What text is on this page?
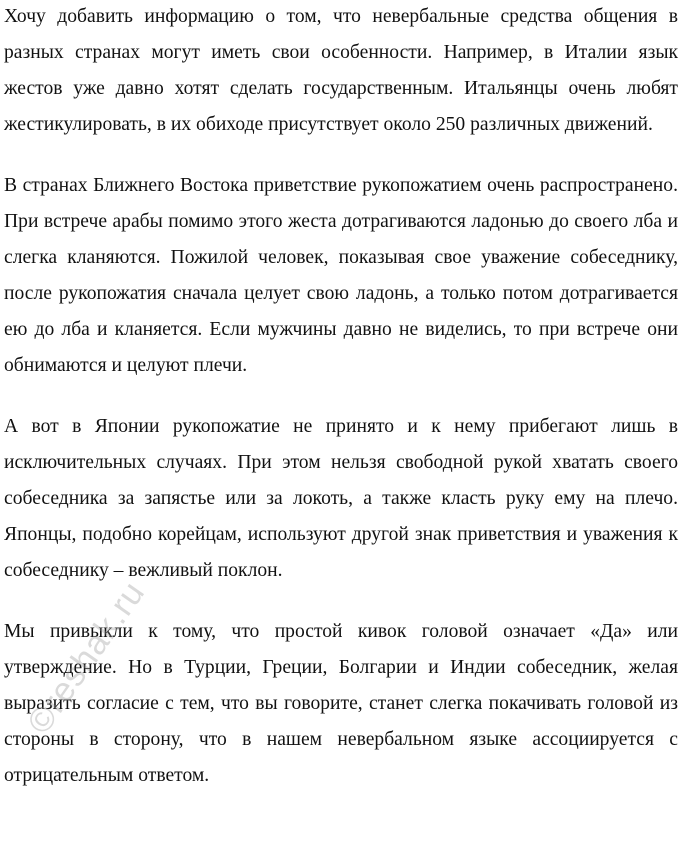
Хочу добавить информацию о том, что невербальные средства общения в разных странах могут иметь свои особенности. Например, в Италии язык жестов уже давно хотят сделать государственным. Итальянцы очень любят жестикулировать, в их обиходе присутствует около 250 различных движений.

В странах Ближнего Востока приветствие рукопожатием очень распространено. При встрече арабы помимо этого жеста дотрагиваются ладонью до своего лба и слегка кланяются. Пожилой человек, показывая свое уважение собеседнику, после рукопожатия сначала целует свою ладонь, а только потом дотрагивается ею до лба и кланяется. Если мужчины давно не виделись, то при встрече они обнимаются и целуют плечи.

А вот в Японии рукопожатие не принято и к нему прибегают лишь в исключительных случаях. При этом нельзя свободной рукой хватать своего собеседника за запястье или за локоть, а также класть руку ему на плечо. Японцы, подобно корейцам, используют другой знак приветствия и уважения к собеседнику – вежливый поклон.

Мы привыкли к тому, что простой кивок головой означает «Да» или утверждение. Но в Турции, Греции, Болгарии и Индии собеседник, желая выразить согласие с тем, что вы говорите, станет слегка покачивать головой из стороны в сторону, что в нашем невербальном языке ассоциируется с отрицательным ответом.

©reshak.ru
